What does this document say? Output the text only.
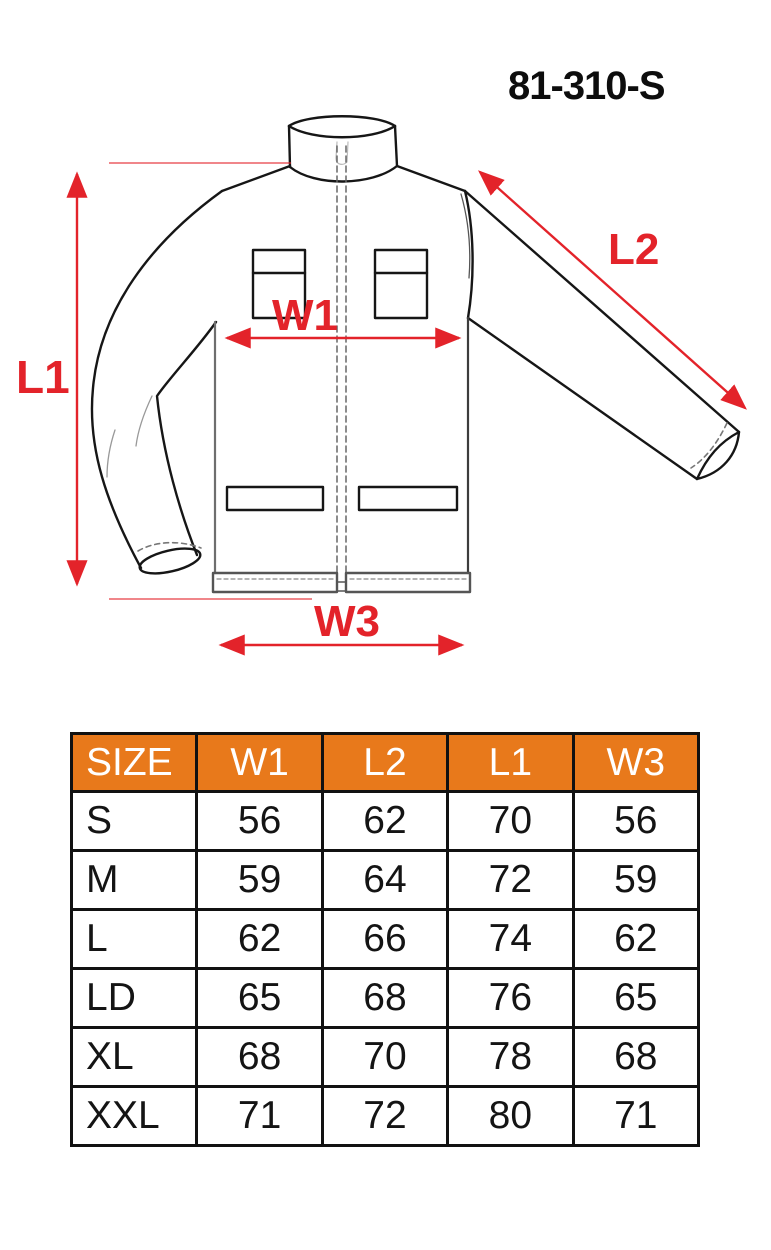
81-310-S
L1
W1
L2
W3
SIZE	W1	L2	L1	W3
S	56	62	70	56
M	59	64	72	59
L	62	66	74	62
LD	65	68	76	65
XL	68	70	78	68
XXL	71	72	80	71
